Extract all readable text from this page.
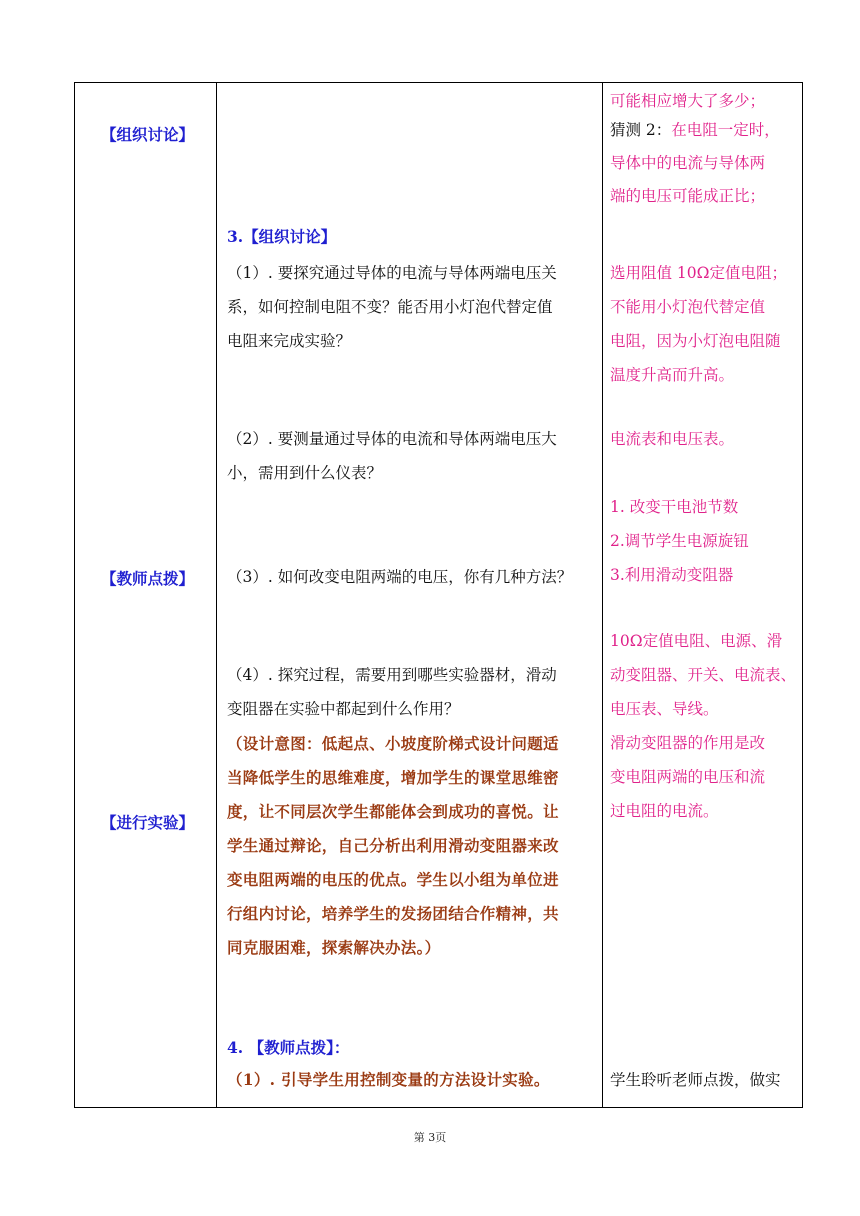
【组织讨论】
【教师点拨】
【进行实验】
3.【组织讨论】
（1）. 要探究通过导体的电流与导体两端电压关
系，如何控制电阻不变？能否用小灯泡代替定值
电阻来完成实验？
（2）. 要测量通过导体的电流和导体两端电压大
小，需用到什么仪表？
（3）. 如何改变电阻两端的电压，你有几种方法？
（4）. 探究过程，需要用到哪些实验器材，滑动
变阻器在实验中都起到什么作用？
（设计意图：低起点、小坡度阶梯式设计问题适
当降低学生的思维难度，增加学生的课堂思维密
度，让不同层次学生都能体会到成功的喜悦。让
学生通过辩论，自己分析出利用滑动变阻器来改
变电阻两端的电压的优点。学生以小组为单位进
行组内讨论，培养学生的发扬团结合作精神，共
同克服困难，探索解决办法。）
4. 【教师点拨】：
（1）. 引导学生用控制变量的方法设计实验。
可能相应增大了多少；
猜测 2：在电阻一定时，
导体中的电流与导体两
端的电压可能成正比；
选用阻值 10Ω定值电阻；
不能用小灯泡代替定值
电阻，因为小灯泡电阻随
温度升高而升高。
电流表和电压表。
1. 改变干电池节数
2.调节学生电源旋钮
3.利用滑动变阻器
10Ω定值电阻、电源、滑
动变阻器、开关、电流表、
电压表、导线。
滑动变阻器的作用是改
变电阻两端的电压和流
过电阻的电流。
学生聆听老师点拨，做实
第 3页
